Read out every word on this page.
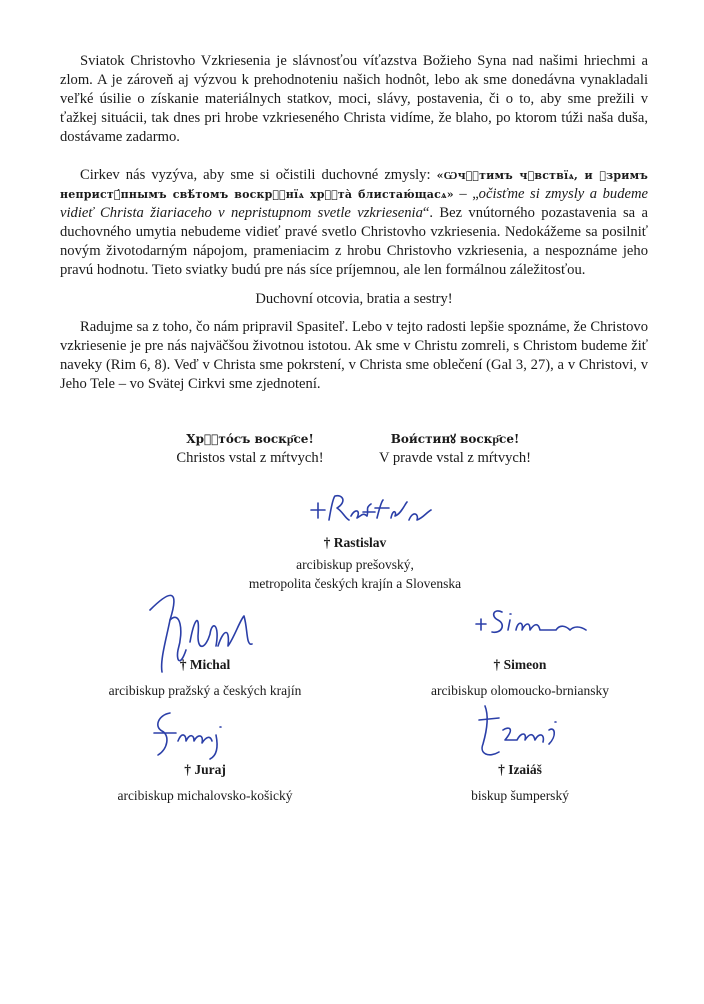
Sviatok Christovho Vzkriesenia je slávnosťou víťazstva Božieho Syna nad našimi hriechmi a zlom. A je zároveň aj výzvou k prehodnoteniu našich hodnôt, lebo ak sme donedávna vynakladali veľké úsilie o získanie materiálnych statkov, moci, slávy, postavenia, či o to, aby sme prežili v ťažkej situácii, tak dnes pri hrobe vzkrieseného Christa vidíme, že blaho, po ktorom túži naša duša, dostávame zadarmo.

Cirkev nás vyzýva, aby sme si očistili duchovné zmysly: «Ѡчⷭ҇тимъ чꙋвствїѧ, и ꙋзримъ непристꙋ́пнымъ свѣ́томъ воскрⷭ҇нїѧ хрⷭ҇та̀ блистаю́щасѧ» – „očisťme si zmysly a budeme vidieť Christa žiariaceho v nepristupnom svetle vzkriesenia“. Bez vnútorného pozastavenia sa a duchovného umytia nebudeme vidieť pravé svetlo Christovho vzkriesenia. Nedokážeme sa posilniť novým životodarným nápojom, prameniacim z hrobu Christovho vzkriesenia, a nespoznáme jeho pravú hodnotu. Tieto sviatky budú pre nás síce príjemnou, ale len formálnou záležitosťou.

Duchovní otcovia, bratia a sestry!

Radujme sa z toho, čo nám pripravil Spasiteľ. Lebo v tejto radosti lepšie spoznáme, že Christovo vzkriesenie je pre nás najväčšou životnou istotou. Ak sme v Christu zomreli, s Christom budeme žiť naveky (Rim 6, 8). Veď v Christa sme pokrstení, v Christa sme oblečení (Gal 3, 27), a v Christovi, v Jeho Tele – vo Svätej Cirkvi sme zjednotení.

Хрⷭ҇то́съ воскр҃се!
Christos vstal z mŕtvych!
Вои́стинꙋ воскр҃се!
V pravde vstal z mŕtvych!
† Rastislav
arcibiskup prešovský,
metropolita českých krajín a Slovenska
† Michal
arcibiskup pražský a českých krajín
† Simeon
arcibiskup olomoucko-brniansky
† Juraj
arcibiskup michalovsko-košický
† Izaiáš
biskup šumperský
